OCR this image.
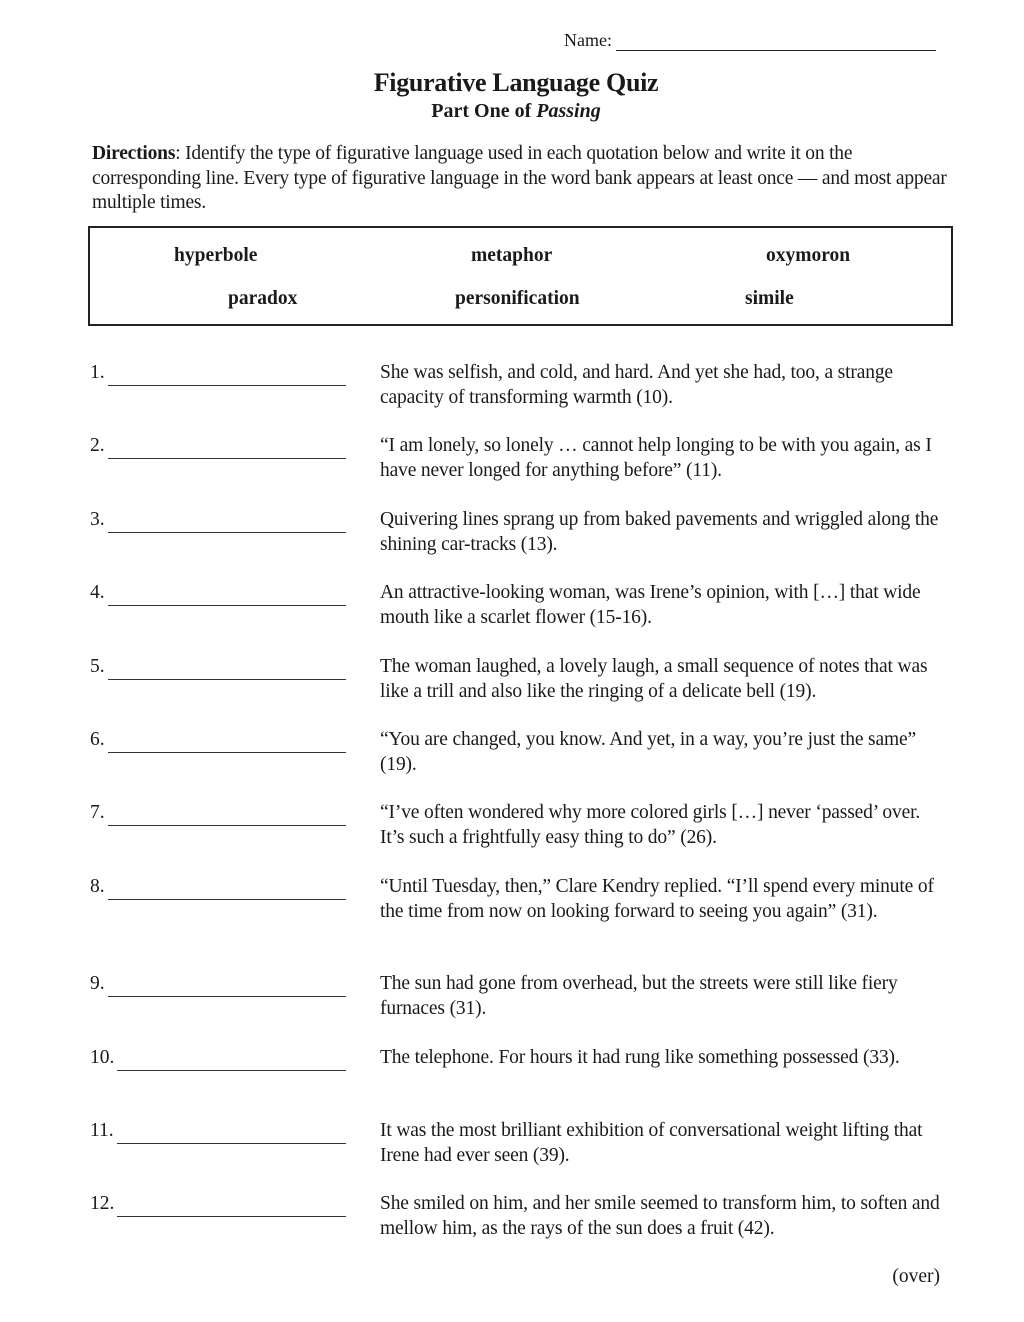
Name:
Figurative Language Quiz
Part One of Passing
Directions: Identify the type of figurative language used in each quotation below and write it on the corresponding line. Every type of figurative language in the word bank appears at least once — and most appear multiple times.
hyperbole	metaphor	oxymoron
paradox	personification	simile
1.	She was selfish, and cold, and hard. And yet she had, too, a strange capacity of transforming warmth (10).
2.	“I am lonely, so lonely … cannot help longing to be with you again, as I have never longed for anything before” (11).
3.	Quivering lines sprang up from baked pavements and wriggled along the shining car-tracks (13).
4.	An attractive-looking woman, was Irene’s opinion, with […] that wide mouth like a scarlet flower (15-16).
5.	The woman laughed, a lovely laugh, a small sequence of notes that was like a trill and also like the ringing of a delicate bell (19).
6.	“You are changed, you know. And yet, in a way, you’re just the same” (19).
7.	“I’ve often wondered why more colored girls […] never ‘passed’ over. It’s such a frightfully easy thing to do” (26).
8.	“Until Tuesday, then,” Clare Kendry replied. “I’ll spend every minute of the time from now on looking forward to seeing you again” (31).
9.	The sun had gone from overhead, but the streets were still like fiery furnaces (31).
10.	The telephone. For hours it had rung like something possessed (33).
11.	It was the most brilliant exhibition of conversational weight lifting that Irene had ever seen (39).
12.	She smiled on him, and her smile seemed to transform him, to soften and mellow him, as the rays of the sun does a fruit (42).
(over)
